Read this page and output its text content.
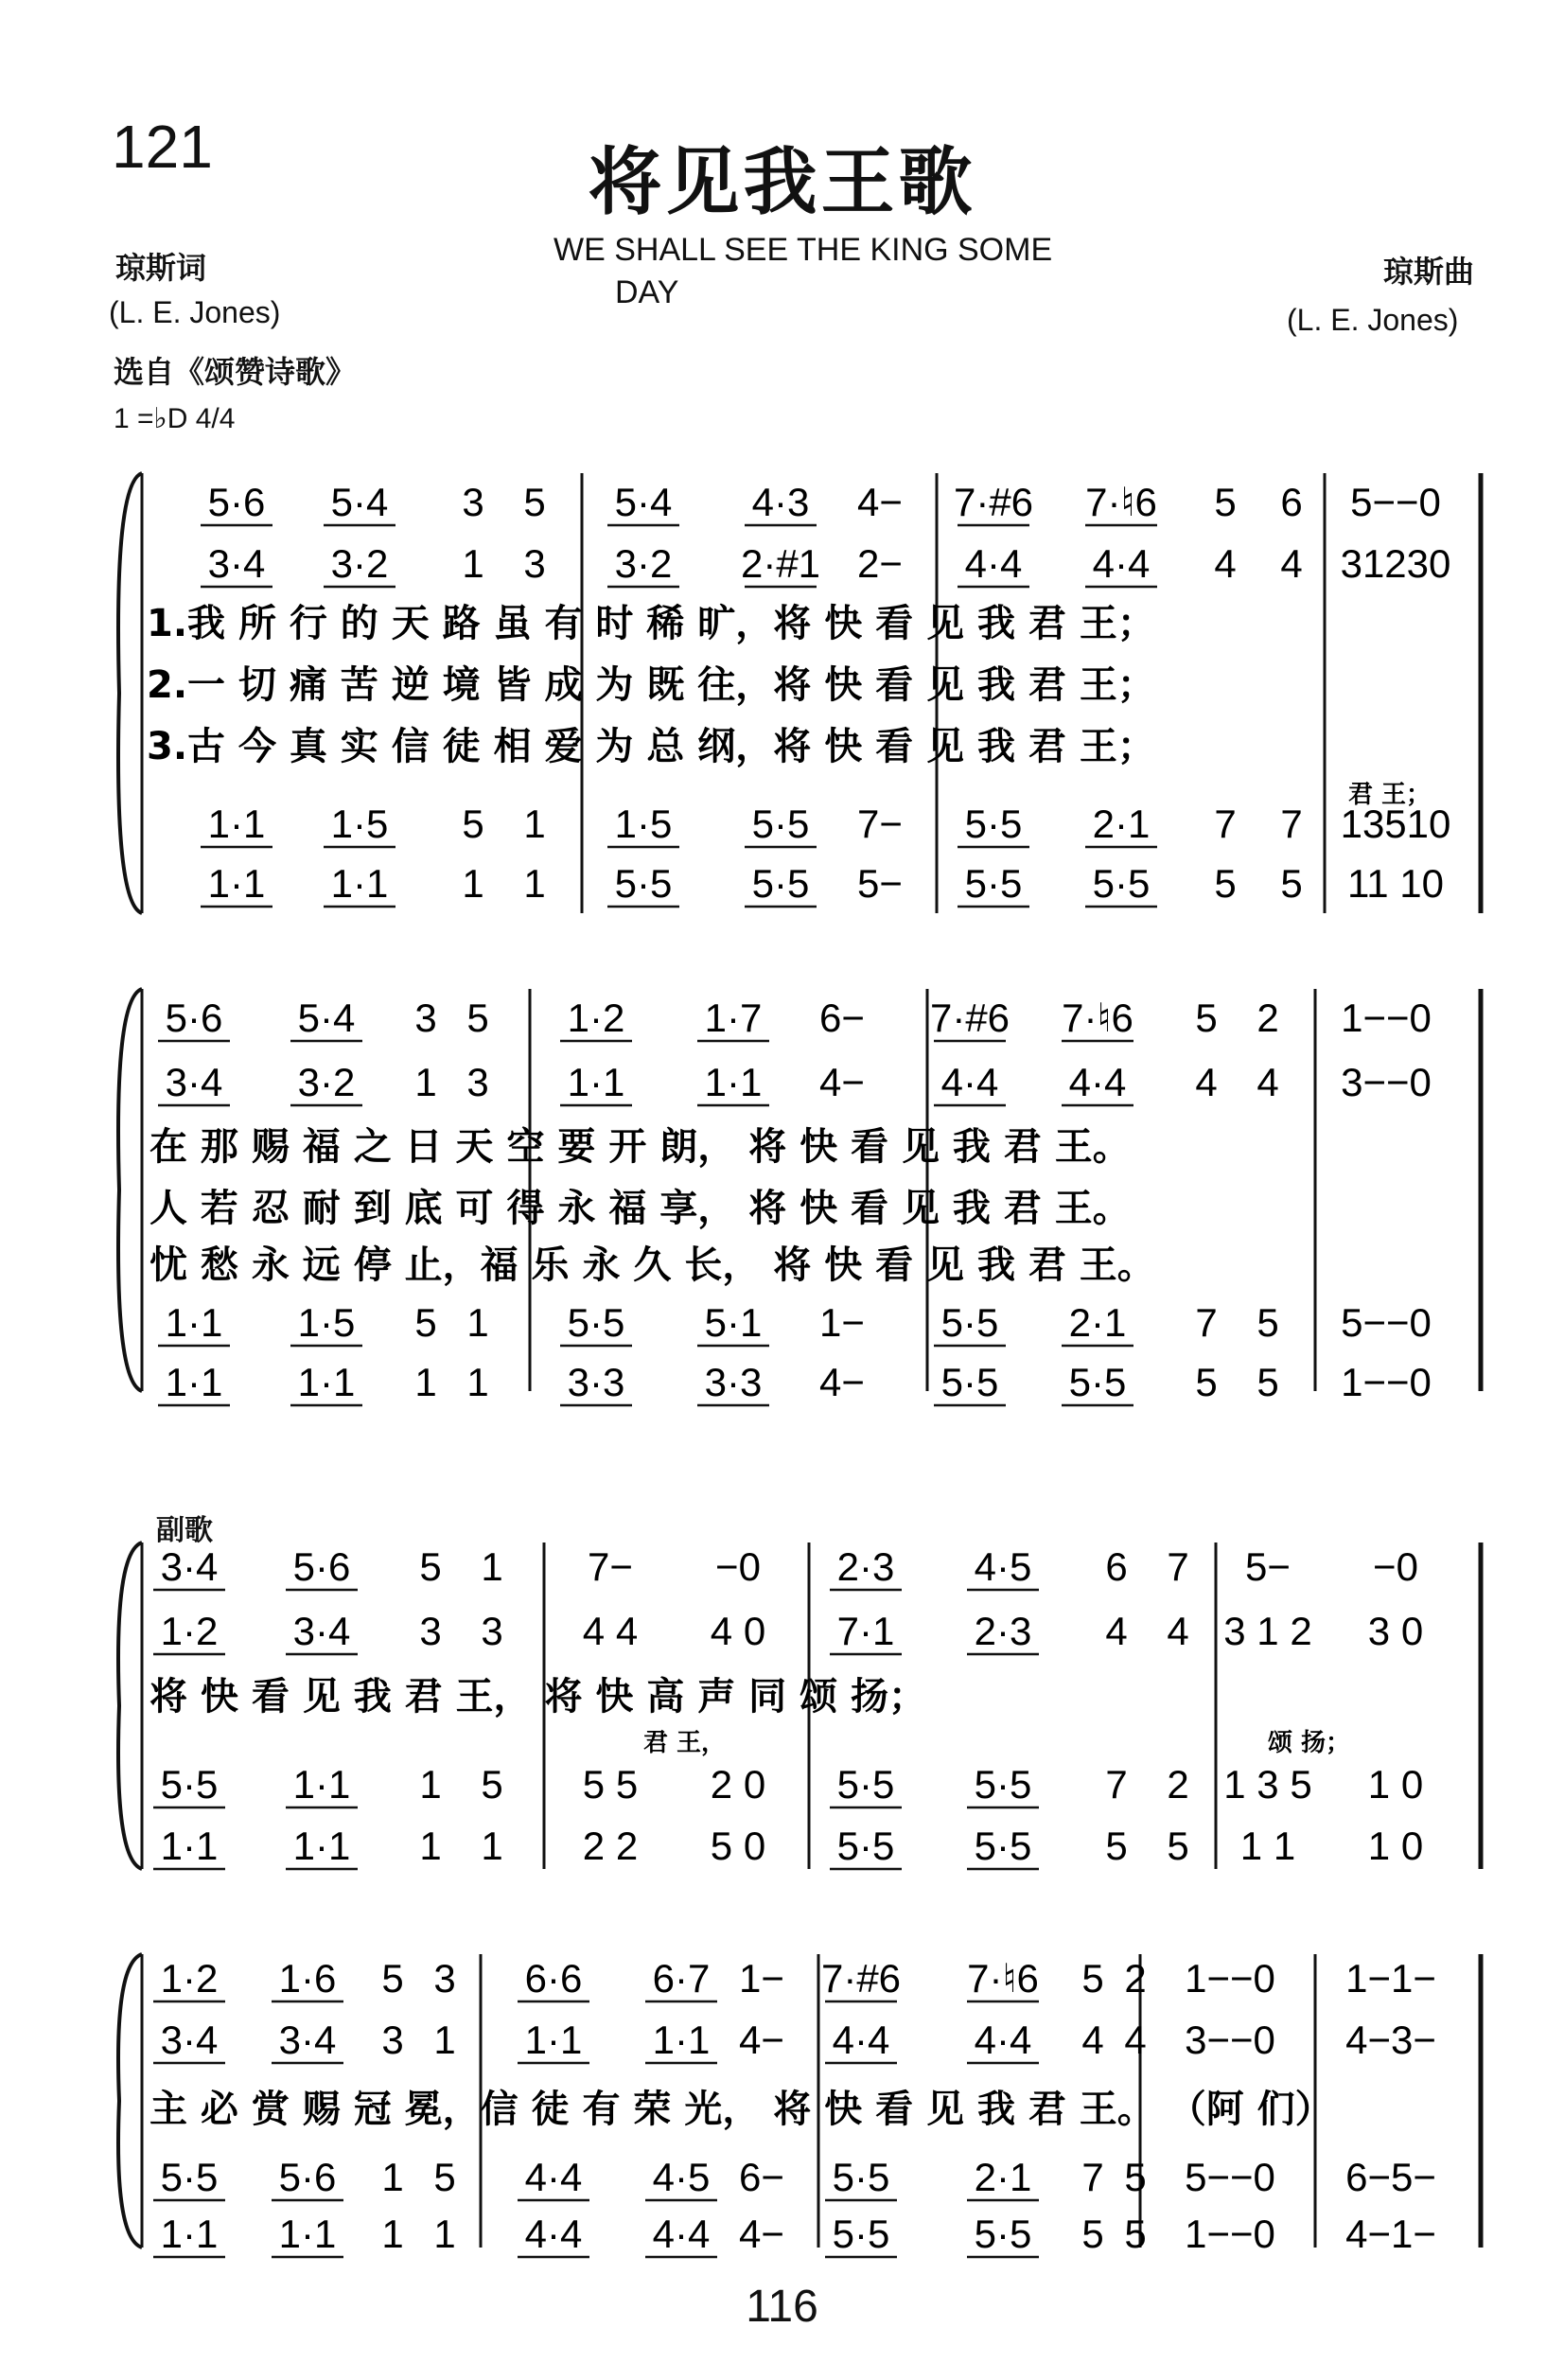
121	将见我王歌
WE SHALL SEE THE KING SOME
DAY
琼斯词
(L. E. Jones)
选自《颂赞诗歌》
琼斯曲
(L. E. Jones)
1 =♭D 4/4
副歌
116
5·6 5·4 3 5 5·4 4·3 4− 7·#6 7·♮6 5 6 5−−0
3·4 3·2 1 3 3·2 2·#1 2− 4·4 4·4 4 4 31230
1.我 所 行 的 天 路 虽 有 时 稀 旷，将 快 看 见 我 君 王；
2.一 切 痛 苦 逆 境 皆 成 为 既 往，将 快 看 见 我 君 王；
3.古 今 真 实 信 徒 相 爱 为 总 纲，将 快 看 见 我 君 王；
君 王；
1·1 1·5 5 1 1·5 5·5 7− 5·5 2·1 7 7 13510
1·1 1·1 1 1 5·5 5·5 5− 5·5 5·5 5 5 11 10
5·6 5·4 3 5 1·2 1·7 6− 7·#6 7·♮6 5 2 1−−0
3·4 3·2 1 3 1·1 1·1 4− 4·4 4·4 4 4 3−−0
在 那 赐 福 之 日 天 空 要 开 朗， 将 快 看 见 我 君 王。
人 若 忍 耐 到 底 可 得 永 福 享， 将 快 看 见 我 君 王。
忧 愁 永 远 停 止，福 乐 永 久 长， 将 快 看 见 我 君 王。
1·1 1·5 5 1 5·5 5·1 1− 5·5 2·1 7 5 5−−0
1·1 1·1 1 1 3·3 3·3 4− 5·5 5·5 5 5 1−−0
3·4 5·6 5 1 7− −0 2·3 4·5 6 7 5− −0
1·2 3·4 3 3 4 4 4 0 7·1 2·3 4 4 3 1 2 3 0
将 快 看 见 我 君 王， 将 快 高 声 同 颂 扬；
君 王，	颂 扬；
5·5 1·1 1 5 5 5 2 0 5·5 5·5 7 2 1 3 5 1 0
1·1 1·1 1 1 2 2 5 0 5·5 5·5 5 5 1 1 1 0
1·2 1·6 5 3 6·6 6·7 1− 7·#6 7·♮6 5 2 1−−0 1−1−
3·4 3·4 3 1 1·1 1·1 4− 4·4 4·4 4 4 3−−0 4−3−
主 必 赏 赐 冠 冕，信 徒 有 荣 光， 将 快 看 见 我 君 王。 （阿 们）
5·5 5·6 1 5 4·4 4·5 6− 5·5 2·1 7 5 5−−0 6−5−
1·1 1·1 1 1 4·4 4·4 4− 5·5 5·5 5 5 1−−0 4−1−
